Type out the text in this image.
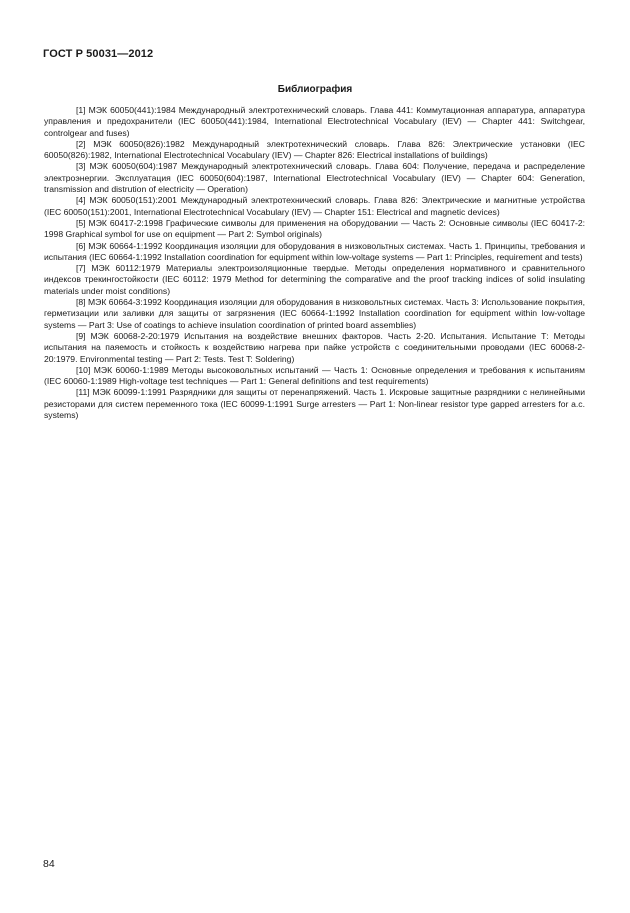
ГОСТ Р 50031—2012
Библиография

[1] МЭК 60050(441):1984 Международный электротехнический словарь. Глава 441: Коммутационная аппаратура, аппаратура управления и предохранители (IEC 60050(441):1984, International Electrotechnical Vocabulary (IEV) — Chapter 441: Switchgear, controlgear and fuses)

[2] МЭК 60050(826):1982 Международный электротехнический словарь. Глава 826: Электрические установки (IEC 60050(826):1982, International Electrotechnical Vocabulary (IEV) — Chapter 826: Electrical installations of buildings)

[3] МЭК 60050(604):1987 Международный электротехнический словарь. Глава 604: Получение, передача и распределение электроэнергии. Эксплуатация (IEC 60050(604):1987, International Electrotechnical Vocabulary (IEV) — Chapter 604: Generation, transmission and distrution of electricity — Operation)

[4] МЭК 60050(151):2001 Международный электротехнический словарь. Глава 826: Электрические и магнитные устройства (IEC 60050(151):2001, International Electrotechnical Vocabulary (IEV) — Chapter 151: Electrical and magnetic devices)

[5] МЭК 60417-2:1998 Графические символы для применения на оборудовании — Часть 2: Основные символы (IEC 60417-2: 1998 Graphical symbol for use on equipment — Part 2: Symbol originals)

[6] МЭК 60664-1:1992 Координация изоляции для оборудования в низковольтных системах. Часть 1. Принципы, требования и испытания (IEC 60664-1:1992 Installation coordination for equipment within low-voltage systems — Part 1: Principles, requirement and tests)

[7] МЭК 60112:1979 Материалы электроизоляционные твердые. Методы определения нормативного и сравнительного индексов трекингостойкости (IEC 60112: 1979 Method for determining the comparative and the proof tracking indices of solid insulating materials under moist conditions)

[8] МЭК 60664-3:1992 Координация изоляции для оборудования в низковольтных системах. Часть 3: Использование покрытия, герметизации или заливки для защиты от загрязнения (IEC 60664-1:1992 Installation coordination for equipment within low-voltage systems — Part 3: Use of coatings to achieve insulation coordination of printed board assemblies)

[9] МЭК 60068-2-20:1979 Испытания на воздействие внешних факторов. Часть 2-20. Испытания. Испытание Т: Методы испытания на паяемость и стойкость к воздействию нагрева при пайке устройств с соединительными проводами (IEC 60068-2-20:1979. Environmental testing — Part 2: Tests. Test T: Soldering)

[10] МЭК 60060-1:1989 Методы высоковольтных испытаний — Часть 1: Основные определения и требования к испытаниям (IEC 60060-1:1989 High-voltage test techniques — Part 1: General definitions and test requirements)

[11] МЭК 60099-1:1991 Разрядники для защиты от перенапряжений. Часть 1. Искровые защитные разрядники с нелинейными резисторами для систем переменного тока (IEC 60099-1:1991 Surge arresters — Part 1: Non-linear resistor type gapped arresters for a.c. systems)

84
